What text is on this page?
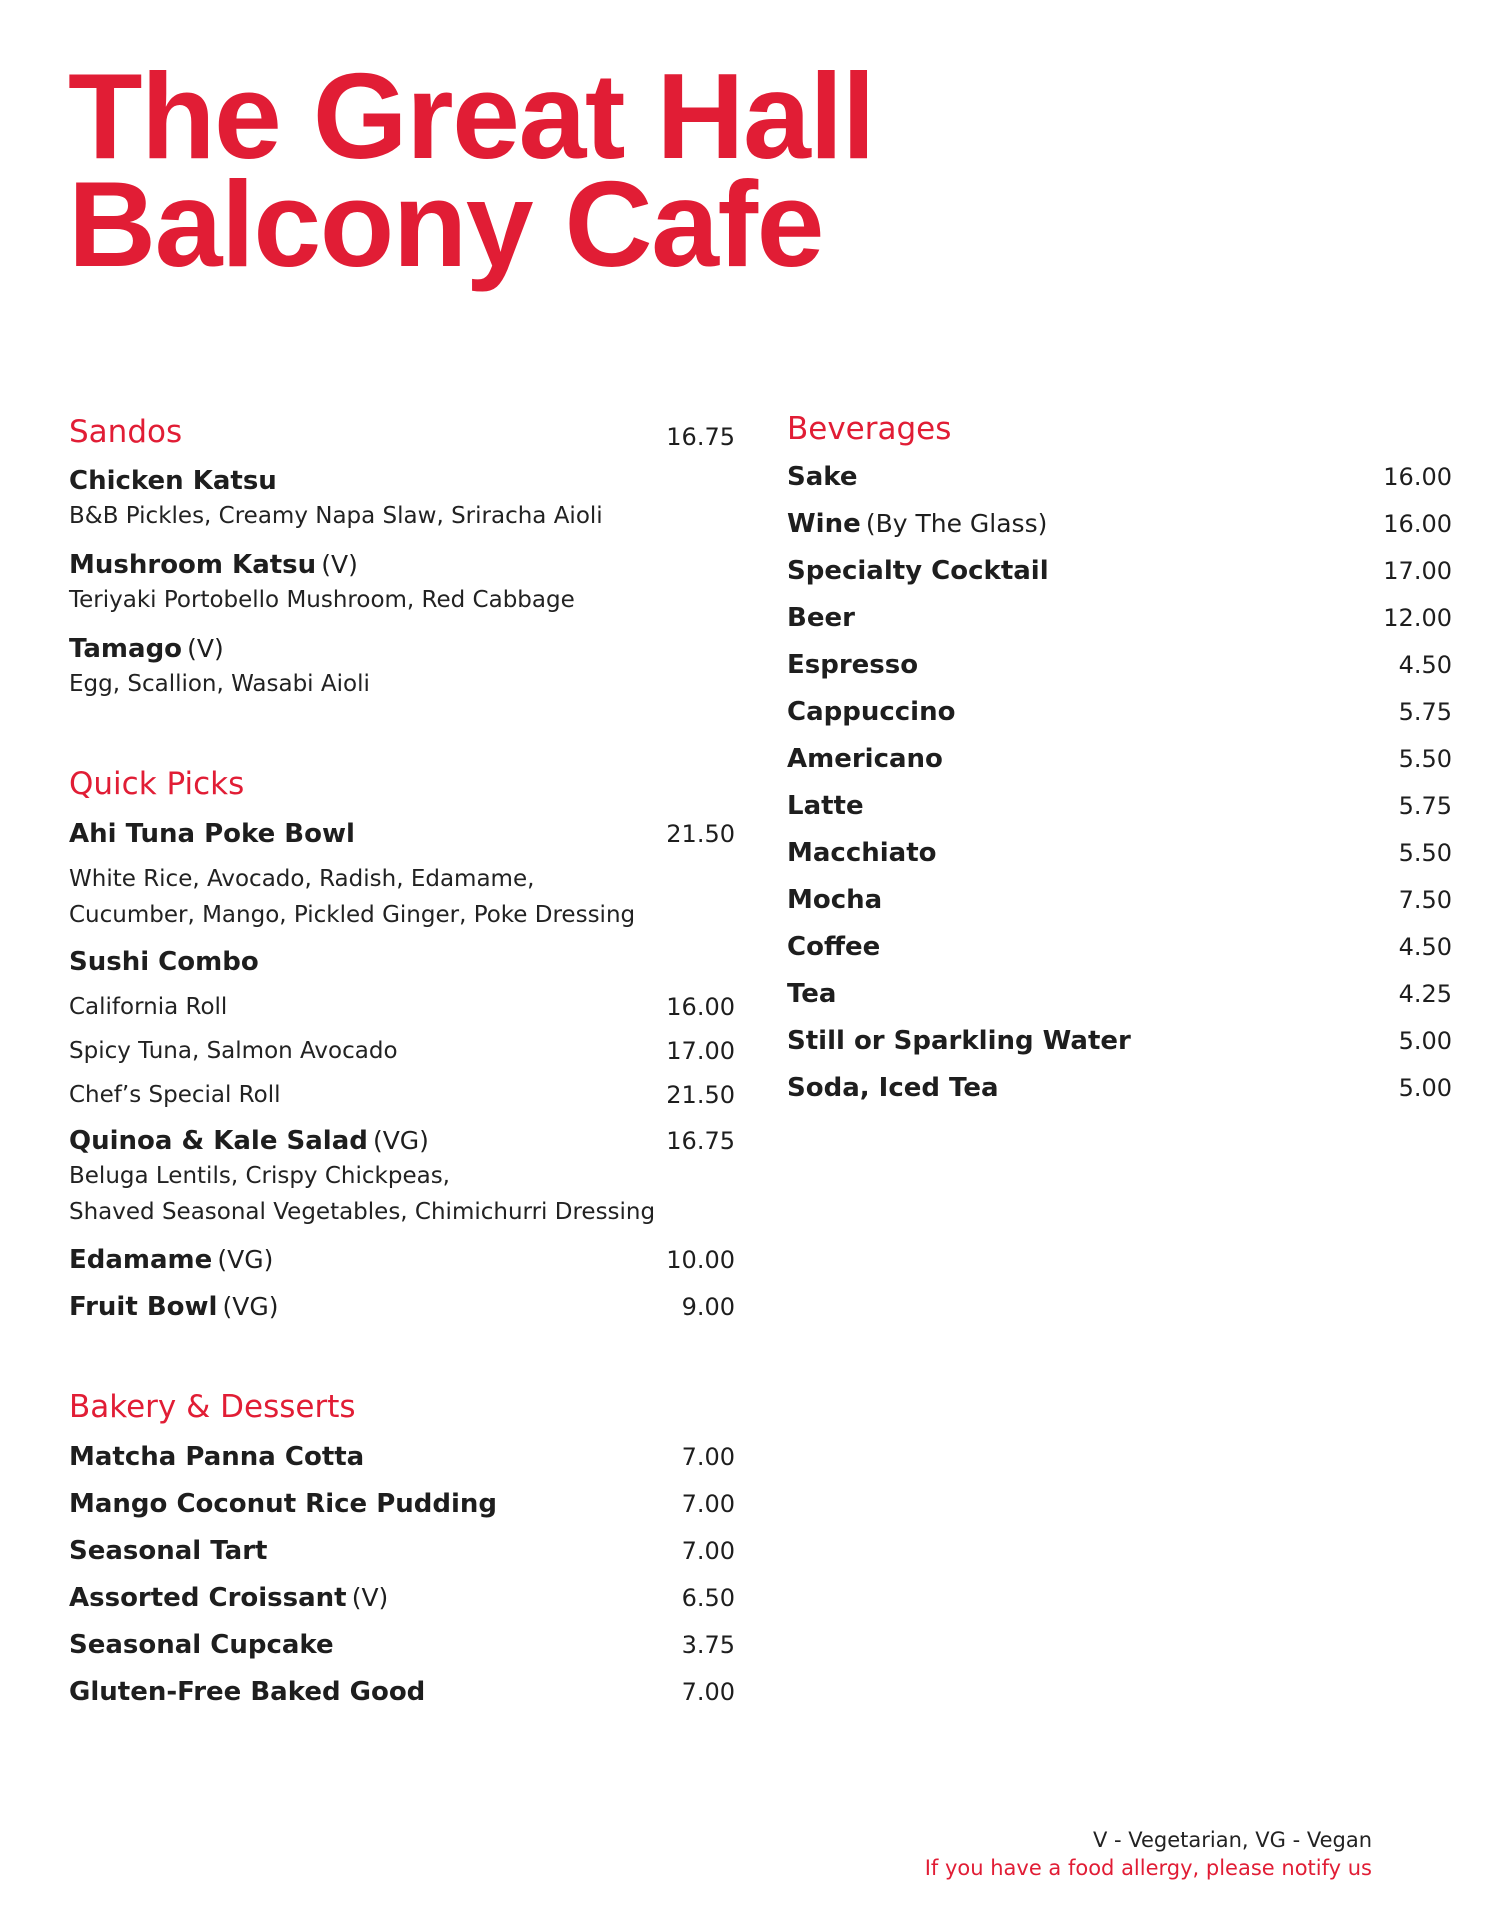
The Great Hall
Balcony Cafe
Sandos	16.75
Chicken Katsu
B&B Pickles, Creamy Napa Slaw, Sriracha Aioli
Mushroom Katsu (V)
Teriyaki Portobello Mushroom, Red Cabbage
Tamago (V)
Egg, Scallion, Wasabi Aioli
Quick Picks
Ahi Tuna Poke Bowl	21.50
White Rice, Avocado, Radish, Edamame,
Cucumber, Mango, Pickled Ginger, Poke Dressing
Sushi Combo
California Roll	16.00
Spicy Tuna, Salmon Avocado	17.00
Chef’s Special Roll	21.50
Quinoa & Kale Salad (VG)	16.75
Beluga Lentils, Crispy Chickpeas,
Shaved Seasonal Vegetables, Chimichurri Dressing
Edamame (VG)	10.00
Fruit Bowl (VG)	9.00
Bakery & Desserts
Matcha Panna Cotta	7.00
Mango Coconut Rice Pudding	7.00
Seasonal Tart	7.00
Assorted Croissant (V)	6.50
Seasonal Cupcake	3.75
Gluten-Free Baked Good	7.00
Beverages
Sake	16.00
Wine (By The Glass)	16.00
Specialty Cocktail	17.00
Beer	12.00
Espresso	4.50
Cappuccino	5.75
Americano	5.50
Latte	5.75
Macchiato	5.50
Mocha	7.50
Coffee	4.50
Tea	4.25
Still or Sparkling Water	5.00
Soda, Iced Tea	5.00
V - Vegetarian, VG - Vegan
If you have a food allergy, please notify us
